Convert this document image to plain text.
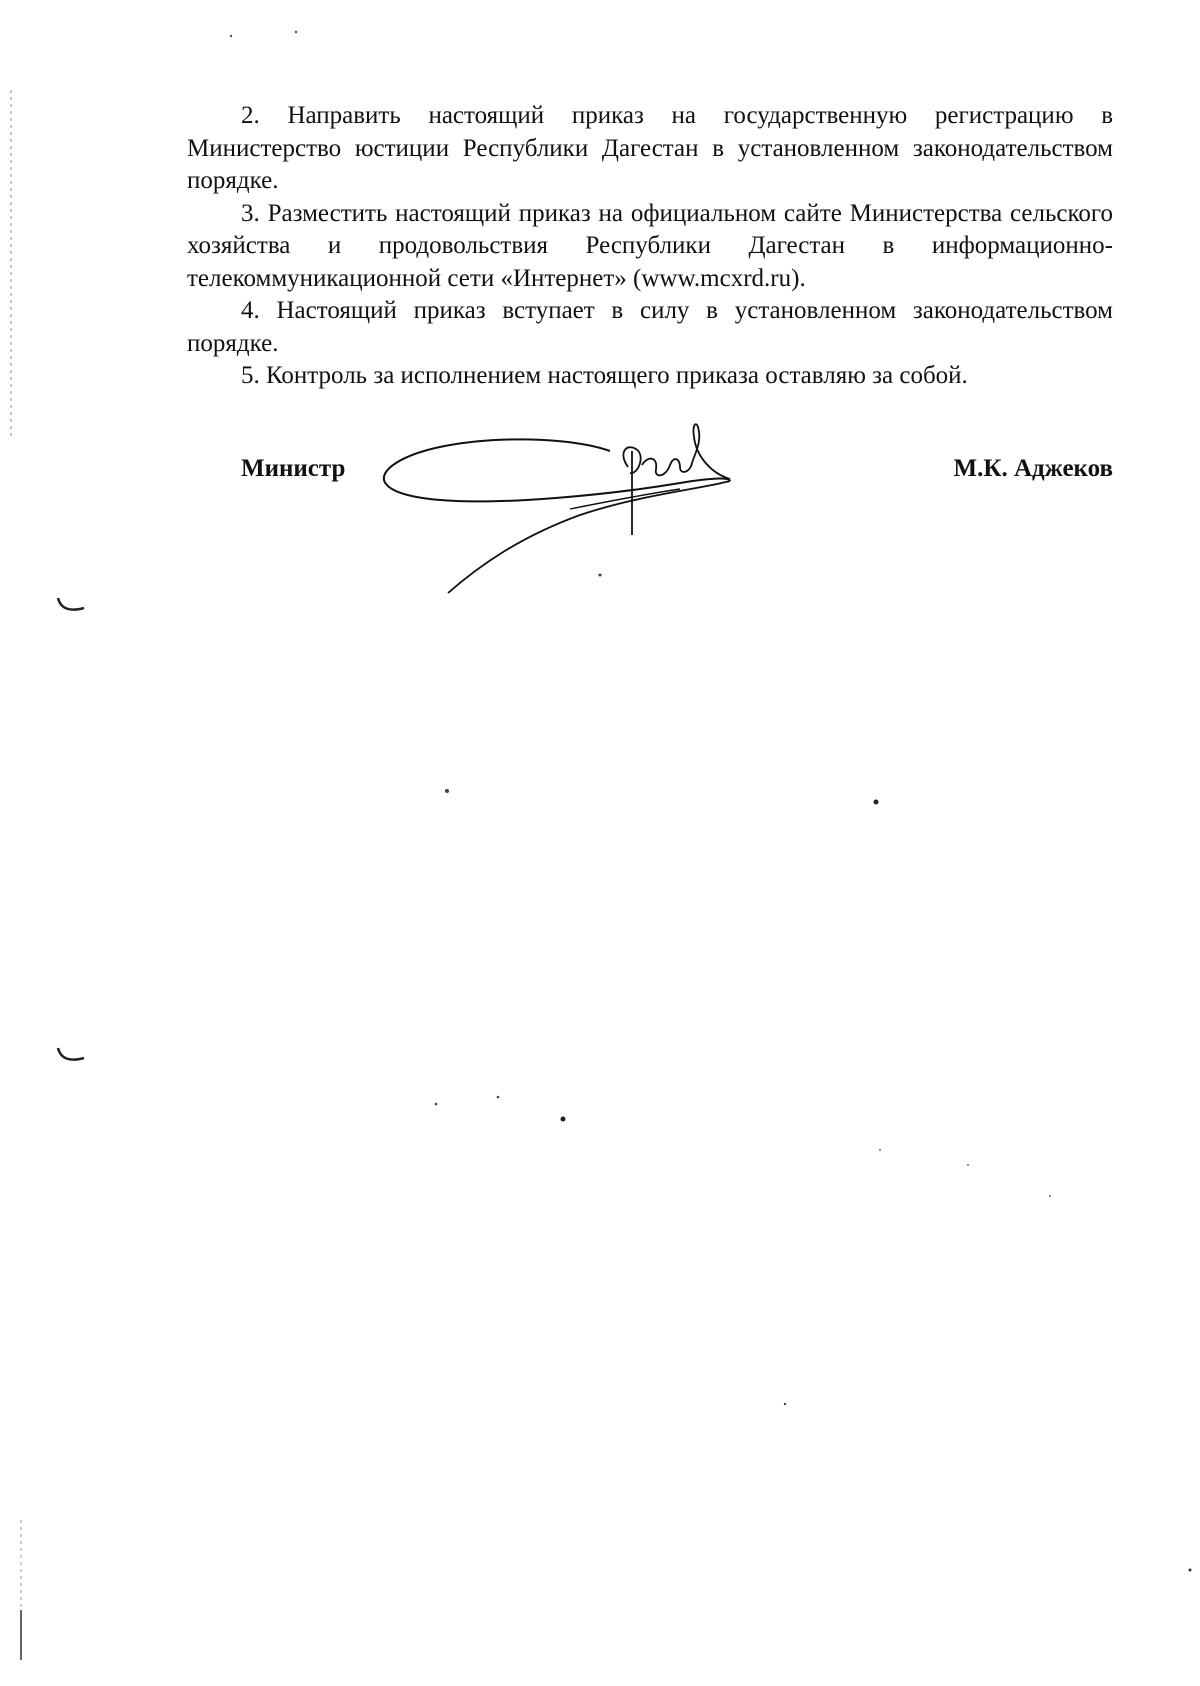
2. Направить настоящий приказ на государственную регистрацию в Министерство юстиции Республики Дагестан в установленном законодательством порядке.

3. Разместить настоящий приказ на официальном сайте Министерства сельского хозяйства и продовольствия Республики Дагестан в информационно-телекоммуникационной сети «Интернет» (www.mcxrd.ru).

4. Настоящий приказ вступает в силу в установленном законодательством порядке.

5. Контроль за исполнением настоящего приказа оставляю за собой.

Министр	М.К. Аджеков
